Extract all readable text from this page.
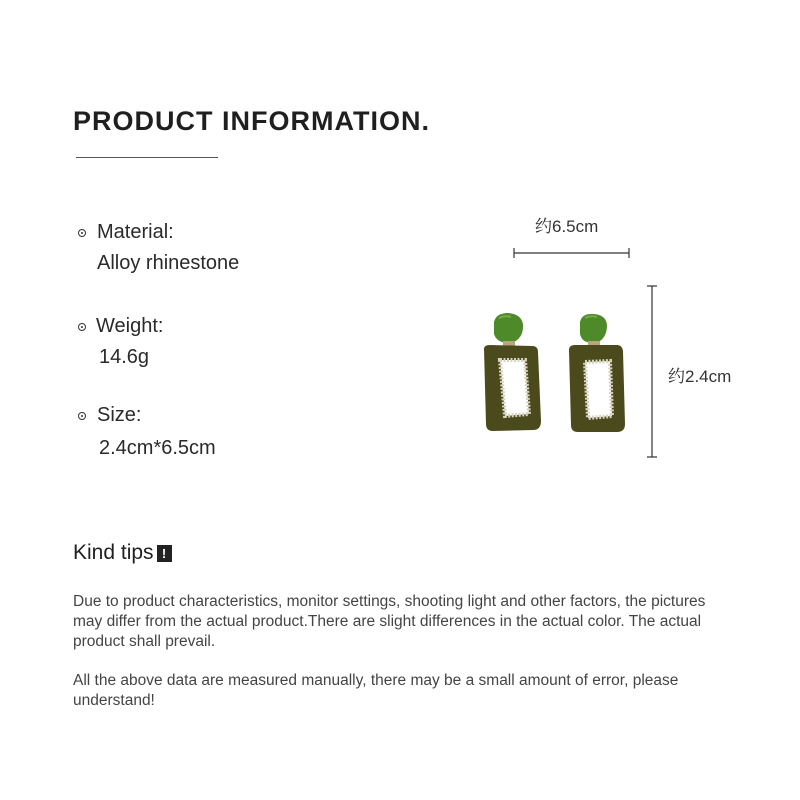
PRODUCT INFORMATION.
Material:
Alloy rhinestone
Weight:
14.6g
Size:
2.4cm*6.5cm
约6.5cm
约2.4cm
Kind tips !
Due to product characteristics, monitor settings, shooting light and other factors, the pictures may differ from the actual product.There are slight differences in the actual color. The actual product shall prevail.
All the above data are measured manually, there may be a small amount of error, please understand!
